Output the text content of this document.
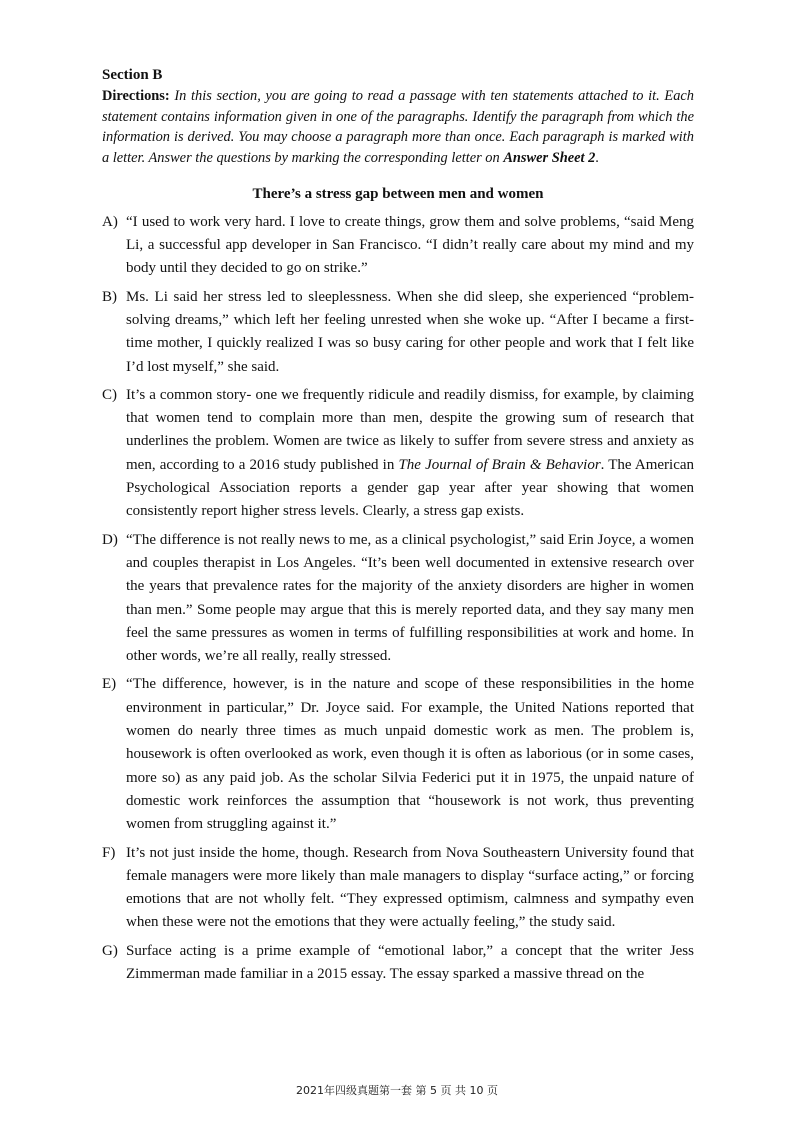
Section B

Directions: In this section, you are going to read a passage with ten statements attached to it. Each statement contains information given in one of the paragraphs. Identify the paragraph from which the information is derived. You may choose a paragraph more than once. Each paragraph is marked with a letter. Answer the questions by marking the corresponding letter on Answer Sheet 2.

There’s a stress gap between men and women

A) “I used to work very hard. I love to create things, grow them and solve problems, “said Meng Li, a successful app developer in San Francisco. “I didn’t really care about my mind and my body until they decided to go on strike.”
B) Ms. Li said her stress led to sleeplessness. When she did sleep, she experienced “problem-solving dreams,” which left her feeling unrested when she woke up. “After I became a first-time mother, I quickly realized I was so busy caring for other people and work that I felt like I’d lost myself,” she said.
C) It’s a common story- one we frequently ridicule and readily dismiss, for example, by claiming that women tend to complain more than men, despite the growing sum of research that underlines the problem. Women are twice as likely to suffer from severe stress and anxiety as men, according to a 2016 study published in The Journal of Brain & Behavior. The American Psychological Association reports a gender gap year after year showing that women consistently report higher stress levels. Clearly, a stress gap exists.
D) “The difference is not really news to me, as a clinical psychologist,” said Erin Joyce, a women and couples therapist in Los Angeles. “It’s been well documented in extensive research over the years that prevalence rates for the majority of the anxiety disorders are higher in women than men.” Some people may argue that this is merely reported data, and they say many men feel the same pressures as women in terms of fulfilling responsibilities at work and home. In other words, we’re all really, really stressed.
E) “The difference, however, is in the nature and scope of these responsibilities in the home environment in particular,” Dr. Joyce said. For example, the United Nations reported that women do nearly three times as much unpaid domestic work as men. The problem is, housework is often overlooked as work, even though it is often as laborious (or in some cases, more so) as any paid job. As the scholar Silvia Federici put it in 1975, the unpaid nature of domestic work reinforces the assumption that “housework is not work, thus preventing women from struggling against it.”
F) It’s not just inside the home, though. Research from Nova Southeastern University found that female managers were more likely than male managers to display “surface acting,” or forcing emotions that are not wholly felt. “They expressed optimism, calmness and sympathy even when these were not the emotions that they were actually feeling,” the study said.
G) Surface acting is a prime example of “emotional labor,” a concept that the writer Jess Zimmerman made familiar in a 2015 essay. The essay sparked a massive thread on the
2021年四级真题第一套 第 5 页 共 10 页
